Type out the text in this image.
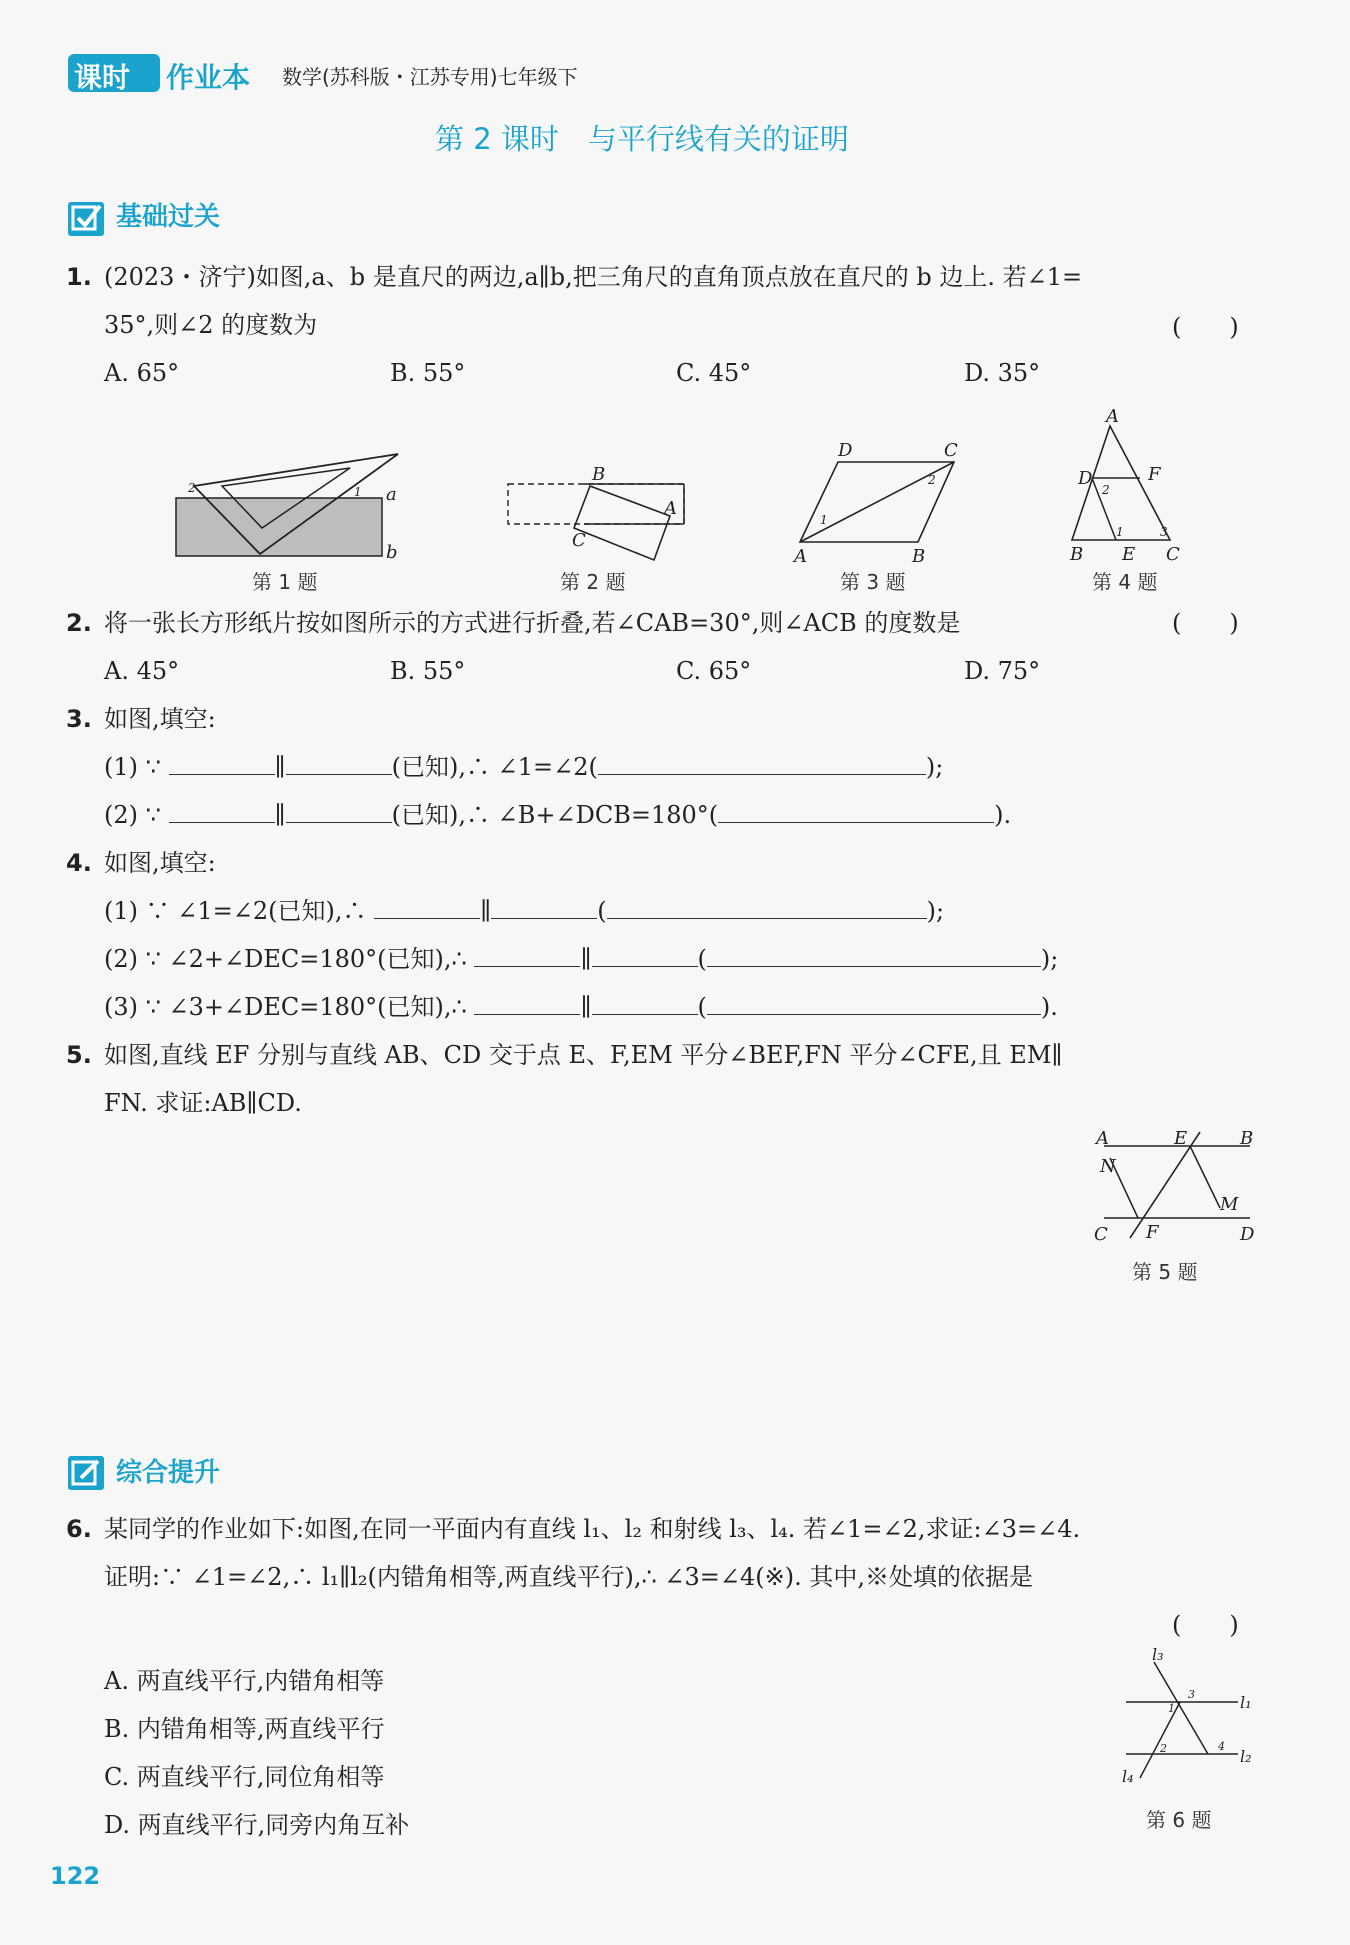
课时 作业本 数学(苏科版・江苏专用)七年级下
第 2 课时　与平行线有关的证明
基础过关
1. (2023・济宁)如图,a、b 是直尺的两边,a∥b,把三角尺的直角顶点放在直尺的 b 边上. 若∠1=
35°,则∠2 的度数为	(　　)
A. 65°	B. 55°	C. 45°	D. 35°
a
b
2	1
第 1 题
B
A
C
第 2 题
D	C
A	B
1
2
第 3 题
A
D	F
B E C
2
1	3
第 4 题
2. 将一张长方形纸片按如图所示的方式进行折叠,若∠CAB=30°,则∠ACB 的度数是	(　　)
A. 45°	B. 55°	C. 65°	D. 75°
3. 如图,填空:
(1) ∵	∥	(已知),∴ ∠1=∠2(	);
(2) ∵	∥	(已知),∴ ∠B+∠DCB=180°(	).
4. 如图,填空:
(1) ∵ ∠1=∠2(已知),∴	∥	(	);
(2) ∵ ∠2+∠DEC=180°(已知),∴	∥	(	);
(3) ∵ ∠3+∠DEC=180°(已知),∴	∥	(	).
5. 如图,直线 EF 分别与直线 AB、CD 交于点 E、F,EM 平分∠BEF,FN 平分∠CFE,且 EM∥
FN. 求证:AB∥CD.
A	E	B
N
M
C F	D
第 5 题
综合提升
6. 某同学的作业如下:如图,在同一平面内有直线 l₁、l₂ 和射线 l₃、l₄. 若∠1=∠2,求证:∠3=∠4.
证明:∵ ∠1=∠2,∴ l₁∥l₂(内错角相等,两直线平行),∴ ∠3=∠4(※). 其中,※处填的依据是
(　　)
A. 两直线平行,内错角相等
B. 内错角相等,两直线平行
C. 两直线平行,同位角相等
D. 两直线平行,同旁内角互补
l₃
l₁
l₂
l₄
1
3
2	4
第 6 题
122
